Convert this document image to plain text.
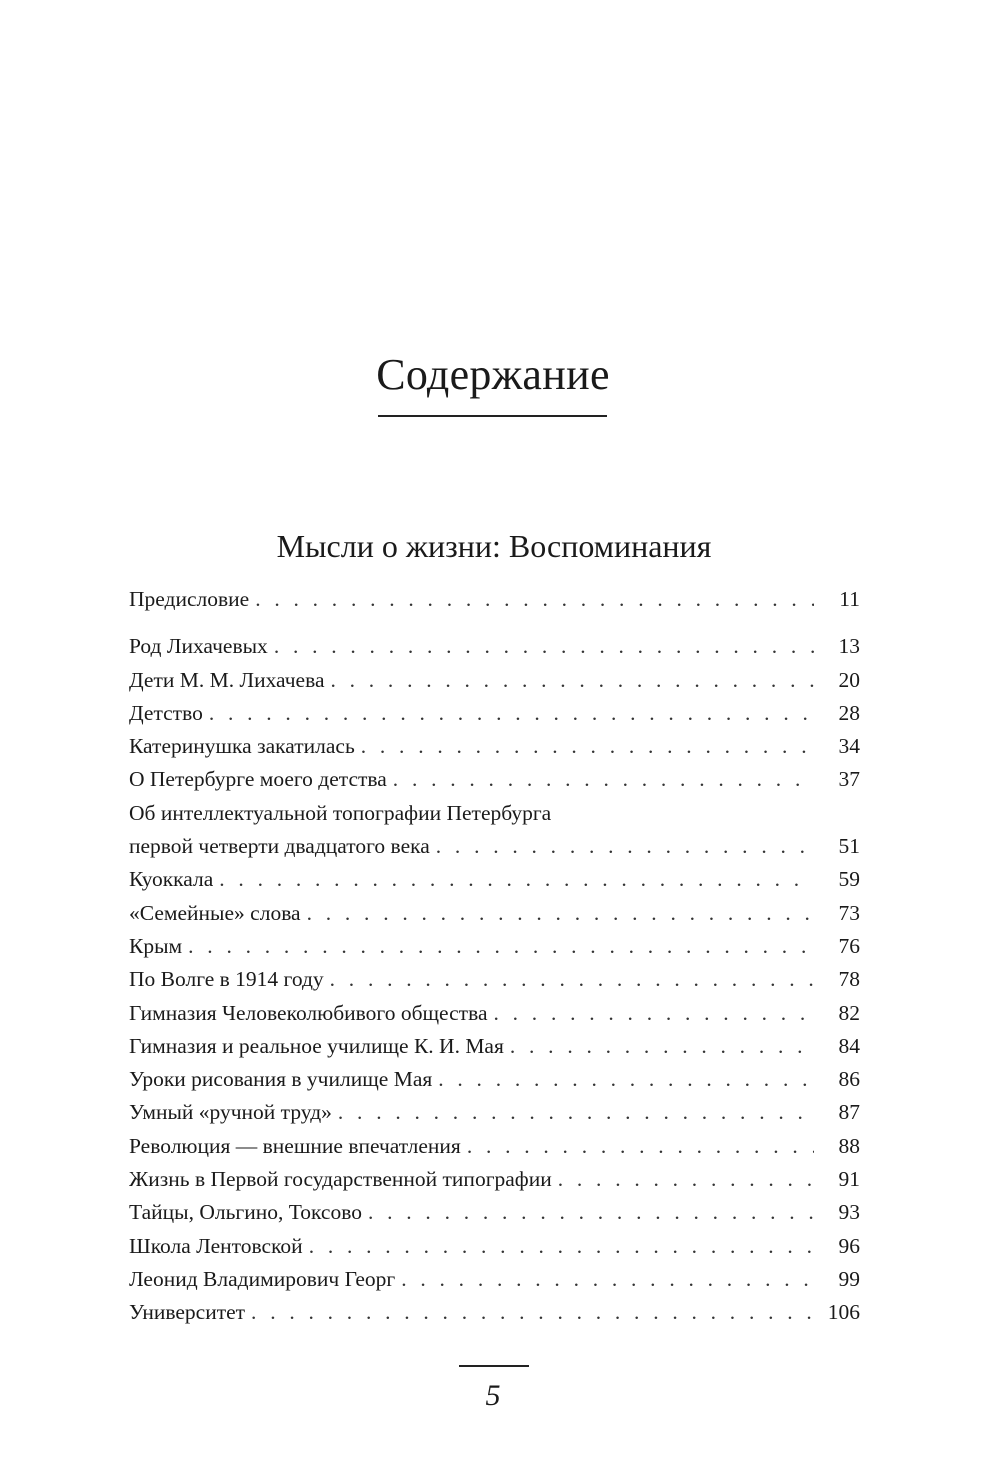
Содержание
Мысли о жизни: Воспоминания
Предисловие . . .	11
Род Лихачевых . . .	13
Дети М. М. Лихачева . . .	20
Детство . . .	28
Катеринушка закатилась . . .	34
О Петербурге моего детства . . .	37
Об интеллектуальной топографии Петербурга
первой четверти двадцатого века . . .	51
Куоккала . . .	59
«Семейные» слова . . .	73
Крым . . .	76
По Волге в 1914 году . . .	78
Гимназия Человеколюбивого общества . . .	82
Гимназия и реальное училище К. И. Мая . . .	84
Уроки рисования в училище Мая . . .	86
Умный «ручной труд» . . .	87
Революция — внешние впечатления . . .	88
Жизнь в Первой государственной типографии . . .	91
Тайцы, Ольгино, Токсово . . .	93
Школа Лентовской . . .	96
Леонид Владимирович Георг . . .	99
Университет . . .	106
5
